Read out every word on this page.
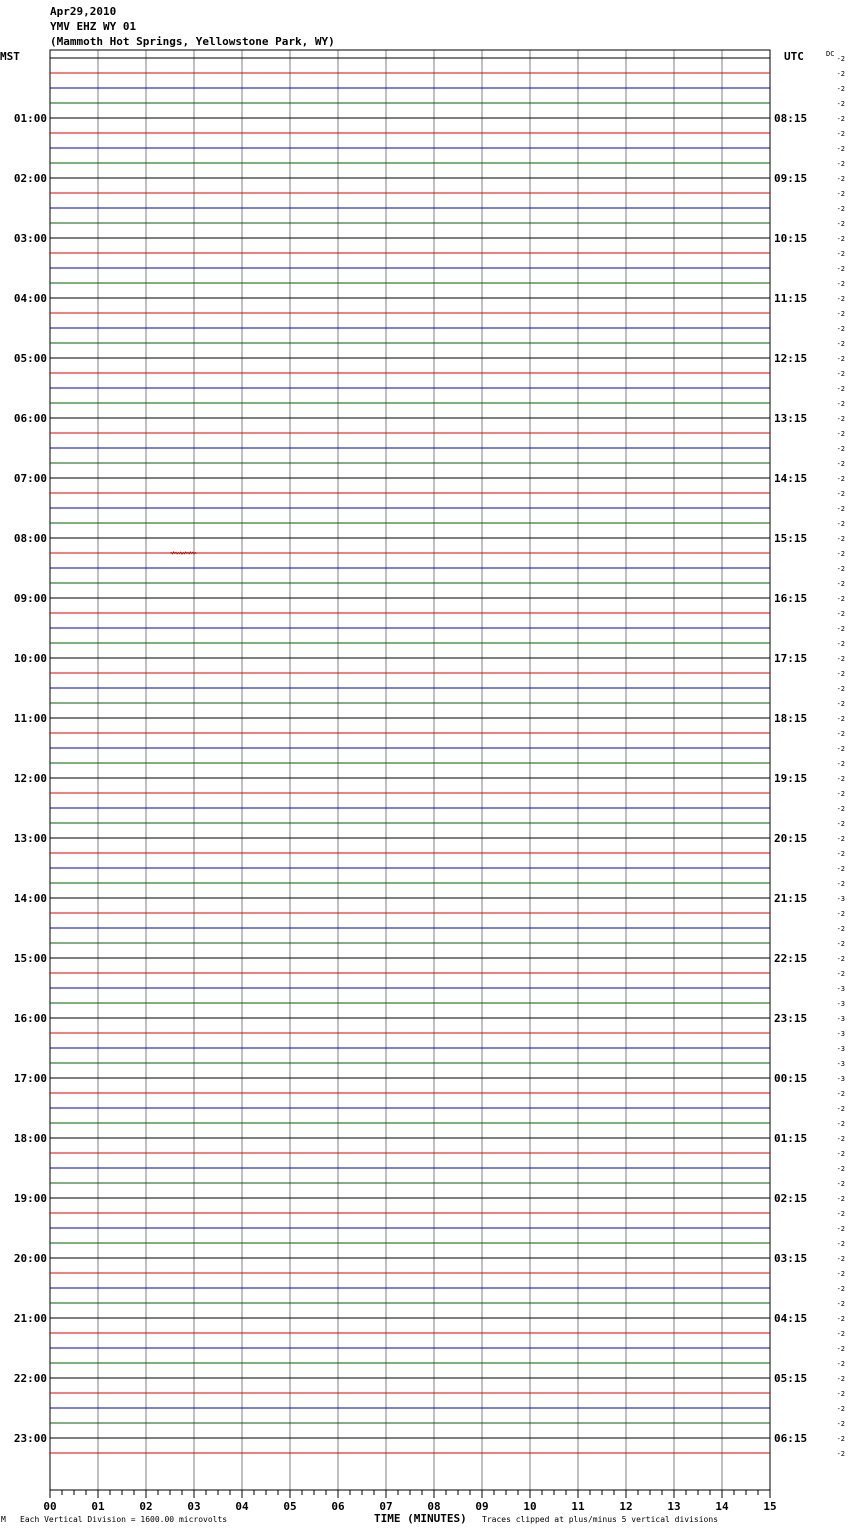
Apr29,2010
YMV EHZ WY 01
(Mammoth Hot Springs, Yellowstone Park, WY)
MST	UTC	DC
-2
-2
-2
-2
-2
-2
-2
-2
-2
-2
-2
-2
-2
-2
-2
-2
-2
-2
-2
-2
-2
-2
-2
-2
-2
-2
-2
-2
-2
-2
-2
-2
-2
-2
-2
-2
-2
-2
-2
-2
-2
-2
-2
-2
-2
-2
-2
-2
-2
-2
-2
-2
-2
-2
-2
-2
-3
-2
-2
-2
-2
-2
-3
-3
-3
-3
-3
-3
-3
-2
-2
-2
-2
-2
-2
-2
-2
-2
-2
-2
-2
-2
-2
-2
-2
-2
-2
-2
-2
-2
-2
-2
-2
-2
01:00
02:00
03:00
04:00
05:00
06:00
07:00
08:00
09:00
10:00
11:00
12:00
13:00
14:00
15:00
16:00
17:00
18:00
19:00
20:00
21:00
22:00
23:00
08:15
09:15
10:15
11:15
12:15
13:15
14:15
15:15
16:15
17:15
18:15
19:15
20:15
21:15
22:15
23:15
00:15
01:15
02:15
03:15
04:15
05:15
06:15
00	01	02	03	04	05	06	07	08	09	10	11	12	13	14	15
TIME (MINUTES)
M Each Vertical Division = 1600.00 microvolts	Traces clipped at plus/minus 5 vertical divisions
